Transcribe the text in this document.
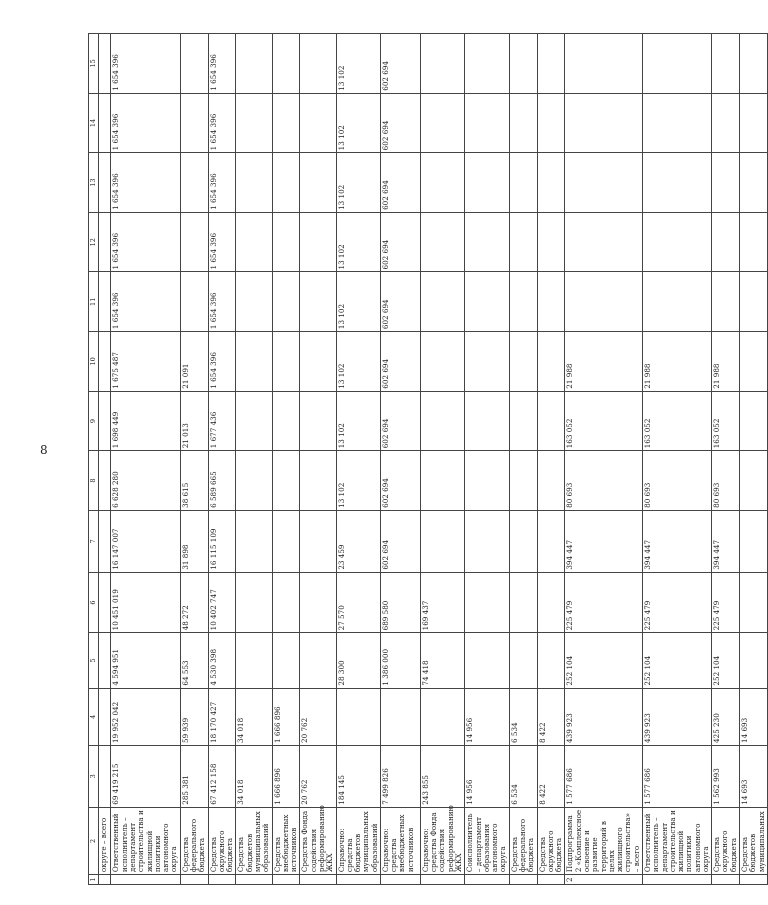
8
1	2	3	4	5	6	7	8	9	10	11	12	13	14	15
	округе – всего													
	Ответственный исполнитель – департамент строительства и жилищной политики автономного округа	69 419 215	19 952 042	4 594 951	10 451 019	16 147 007	6 628 280	1 698 449	1 675 487	1 654 396	1 654 396	1 654 396	1 654 396	1 654 396
	Средства федерального бюджета	285 381	59 939	64 553	48 272	31 898	38 615	21 013	21 091					
	Средства окружного бюджета	67 412 158	18 170 427	4 530 398	10 402 747	16 115 109	6 589 665	1 677 436	1 654 396	1 654 396	1 654 396	1 654 396	1 654 396	1 654 396
	Средства бюджетов муниципальных образований	34 018	34 018											
	Средства внебюджетных источников	1 666 896	1 666 896											
	Средства Фонда содействия реформированию ЖКХ	20 762	20 762											
	Справочно: средства бюджетов муниципальных образований	184 145		28 300	27 570	23 459	13 102	13 102	13 102	13 102	13 102	13 102	13 102	13 102
	Справочно: средства внебюджетных источников	7 499 826		1 386 000	689 580	602 694	602 694	602 694	602 694	602 694	602 694	602 694	602 694	602 694
	Справочно: средства Фонда содействия реформированию ЖКХ	243 855		74 418	169 437									
	Соисполнитель – департамент образования автономного округа	14 956	14 956											
	Средства федерального бюджета	6 534	6 534											
	Средства окружного бюджета	8 422	8 422											
2	Подпрограмма 2 «Комплексное освоение и развитие территорий в целях жилищного строительства» – всего	1 577 686	439 923	252 104	225 479	394 447	80 693	163 052	21 988					
	Ответственный исполнитель – департамент строительства и жилищной политики автономного округа	1 577 686	439 923	252 104	225 479	394 447	80 693	163 052	21 988					
	Средства окружного бюджета	1 562 993	425 230	252 104	225 479	394 447	80 693	163 052	21 988					
	Средства бюджетов муниципальных	14 693	14 693											
